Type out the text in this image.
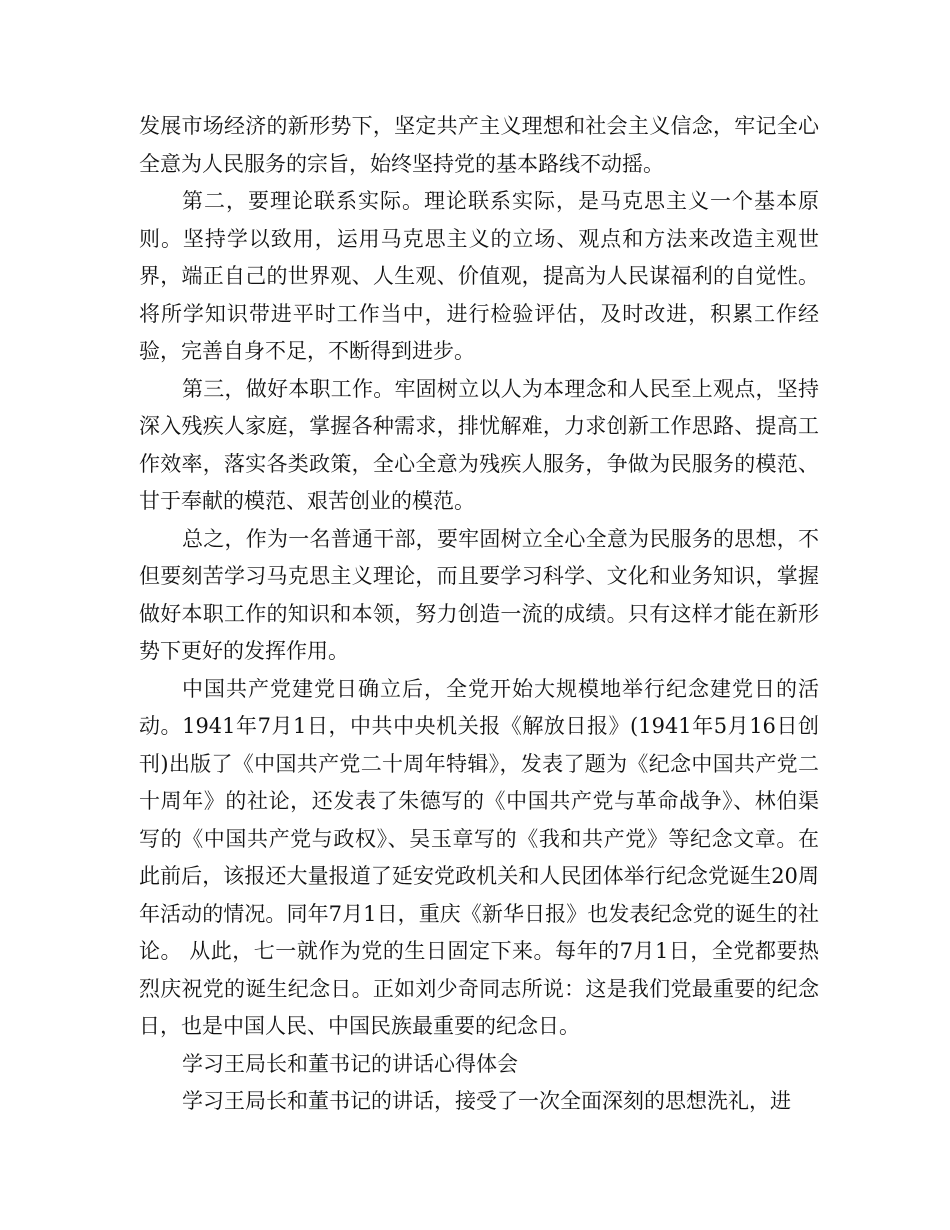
发展市场经济的新形势下，坚定共产主义理想和社会主义信念，牢记全心全意为人民服务的宗旨，始终坚持党的基本路线不动摇。

第二，要理论联系实际。理论联系实际，是马克思主义一个基本原则。坚持学以致用，运用马克思主义的立场、观点和方法来改造主观世界，端正自己的世界观、人生观、价值观，提高为人民谋福利的自觉性。将所学知识带进平时工作当中，进行检验评估，及时改进，积累工作经验，完善自身不足，不断得到进步。

第三，做好本职工作。牢固树立以人为本理念和人民至上观点，坚持深入残疾人家庭，掌握各种需求，排忧解难，力求创新工作思路、提高工作效率，落实各类政策，全心全意为残疾人服务，争做为民服务的模范、甘于奉献的模范、艰苦创业的模范。

总之，作为一名普通干部，要牢固树立全心全意为民服务的思想，不但要刻苦学习马克思主义理论，而且要学习科学、文化和业务知识，掌握做好本职工作的知识和本领，努力创造一流的成绩。只有这样才能在新形势下更好的发挥作用。

中国共产党建党日确立后，全党开始大规模地举行纪念建党日的活动。1941年7月1日，中共中央机关报《解放日报》(1941年5月16日创刊)出版了《中国共产党二十周年特辑》，发表了题为《纪念中国共产党二十周年》的社论，还发表了朱德写的《中国共产党与革命战争》、林伯渠写的《中国共产党与政权》、吴玉章写的《我和共产党》等纪念文章。在此前后，该报还大量报道了延安党政机关和人民团体举行纪念党诞生20周年活动的情况。同年7月1日，重庆《新华日报》也发表纪念党的诞生的社论。 从此，七一就作为党的生日固定下来。每年的7月1日，全党都要热烈庆祝党的诞生纪念日。正如刘少奇同志所说：这是我们党最重要的纪念日，也是中国人民、中国民族最重要的纪念日。

学习王局长和董书记的讲话心得体会

学习王局长和董书记的讲话，接受了一次全面深刻的思想洗礼，进
